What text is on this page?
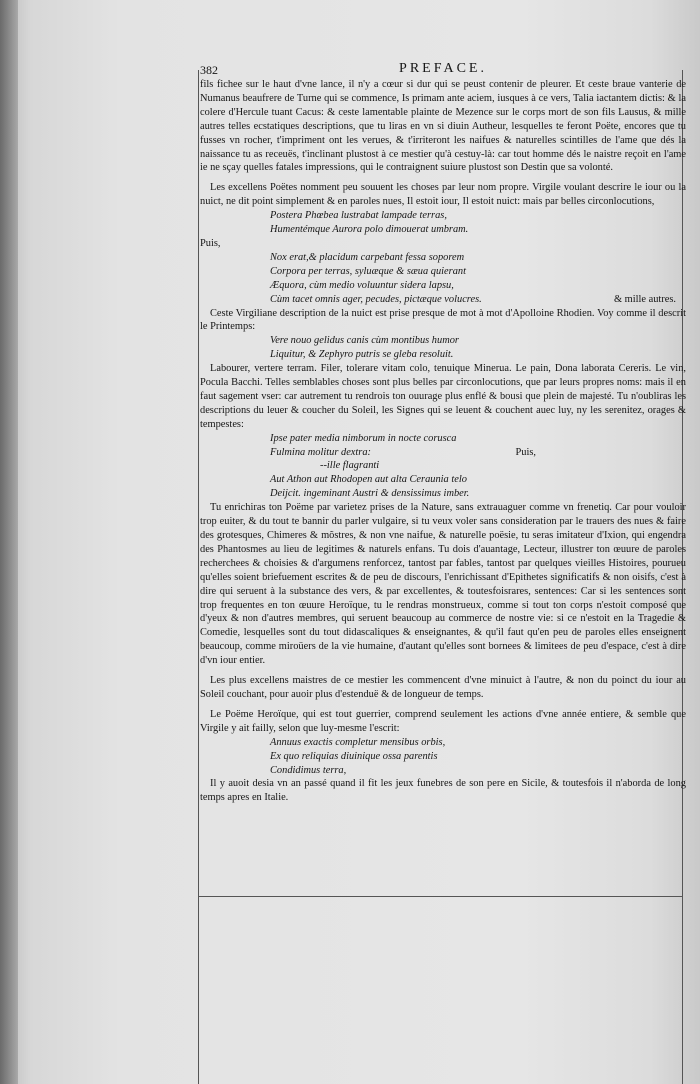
382	PREFACE.

fils fichee sur le haut d'vne lance, il n'y a cœur si dur qui se peust contenir de pleurer. Et ceste braue vanterie de Numanus beaufrere de Turne qui se commence, Is primam ante aciem, iusques à ce vers, Talia iactantem dictis: & la colere d'Hercule tuant Cacus: & ceste lamentable plainte de Mezence sur le corps mort de son fils Lausus, & mille autres telles ecstatiques descriptions, que tu liras en vn si diuin Autheur, lesquelles te feront Poëte, encores que tu fusses vn rocher, t'impriment ont les verues, & t'irriteront les naifues & naturelles scintilles de l'ame que dés la naissance tu as receuës, t'inclinant plustost à ce mestier qu'à cestuy-là: car tout homme dés le naistre reçoit en l'ame ie ne sçay quelles fatales impressions, qui le contraignent suiure plustost son Destin que sa volonté.

Les excellens Poëtes nomment peu souuent les choses par leur nom propre. Virgile voulant descrire le iour ou la nuict, ne dit point simplement & en paroles nues, Il estoit iour, Il estoit nuict: mais par belles circonlocutions,

Postera Phœbea lustrabat lampade terras,

Humentémque Aurora polo dimouerat umbram.

Puis,

Nox erat,& placidum carpebant fessa soporem

Corpora per terras, syluæque & sæua quierant

Æquora, cùm medio voluuntur sidera lapsu,

Cùm tacet omnis ager, pecudes, pictæque volucres.	& mille autres.

Ceste Virgiliane description de la nuict est prise presque de mot à mot d'Apolloine Rhodien. Voy comme il descrit le Printemps:

Vere nouo gelidus canis cùm montibus humor

Liquitur, & Zephyro putris se gleba resoluit.

Labourer, vertere terram. Filer, tolerare vitam colo, tenuique Minerua. Le pain, Dona laborata Cereris. Le vin, Pocula Bacchi. Telles semblables choses sont plus belles par circonlocutions, que par leurs propres noms: mais il en faut sagement vser: car autrement tu rendrois ton ouurage plus enflé & bousi que plein de majesté. Tu n'oubliras les descriptions du leuer & coucher du Soleil, les Signes qui se leuent & couchent auec luy, ny les serenitez, orages & tempestes:

Ipse pater media nimborum in nocte corusca

Fulmina molitur dextra:	Puis,

--ille flagranti

Aut Athon aut Rhodopen aut alta Ceraunia telo

Deijcit. ingeminant Austri & densissimus imber.

Tu enrichiras ton Poëme par varietez prises de la Nature, sans extrauaguer comme vn frenetiq. Car pour vouloir trop euiter, & du tout te bannir du parler vulgaire, si tu veux voler sans consideration par le trauers des nues & faire des grotesques, Chimeres & mõstres, & non vne naifue, & naturelle poësie, tu seras imitateur d'Ixion, qui engendra des Phantosmes au lieu de legitimes & naturels enfans. Tu dois d'auantage, Lecteur, illustrer ton œuure de paroles recherchees & choisies & d'argumens renforcez, tantost par fables, tantost par quelques vieilles Histoires, pourueu qu'elles soient briefuement escrites & de peu de discours, l'enrichissant d'Epithetes significatifs & non oisifs, c'est à dire qui seruent à la substance des vers, & par excellentes, & toutesfoisrares, sentences: Car si les sentences sont trop frequentes en ton œuure Heroïque, tu le rendras monstrueux, comme si tout ton corps n'estoit composé que d'yeux & non d'autres membres, qui seruent beaucoup au commerce de nostre vie: si ce n'estoit en la Tragedie & Comedie, lesquelles sont du tout didascaliques & enseignantes, & qu'il faut qu'en peu de paroles elles enseignent beaucoup, comme miroüers de la vie humaine, d'autant qu'elles sont bornees & limitees de peu d'espace, c'est à dire d'vn iour entier.

Les plus excellens maistres de ce mestier les commencent d'vne minuict à l'autre, & non du poinct du iour au Soleil couchant, pour auoir plus d'estenduë & de longueur de temps.

Le Poëme Heroïque, qui est tout guerrier, comprend seulement les actions d'vne année entiere, & semble que Virgile y ait failly, selon que luy-mesme l'escrit:

Annuus exactis completur mensibus orbis,

Ex quo reliquias diuinique ossa parentis

Condidimus terra,

Il y auoit desia vn an passé quand il fit les jeux funebres de son pere en Sicile, & toutesfois il n'aborda de long temps apres en Italie.
